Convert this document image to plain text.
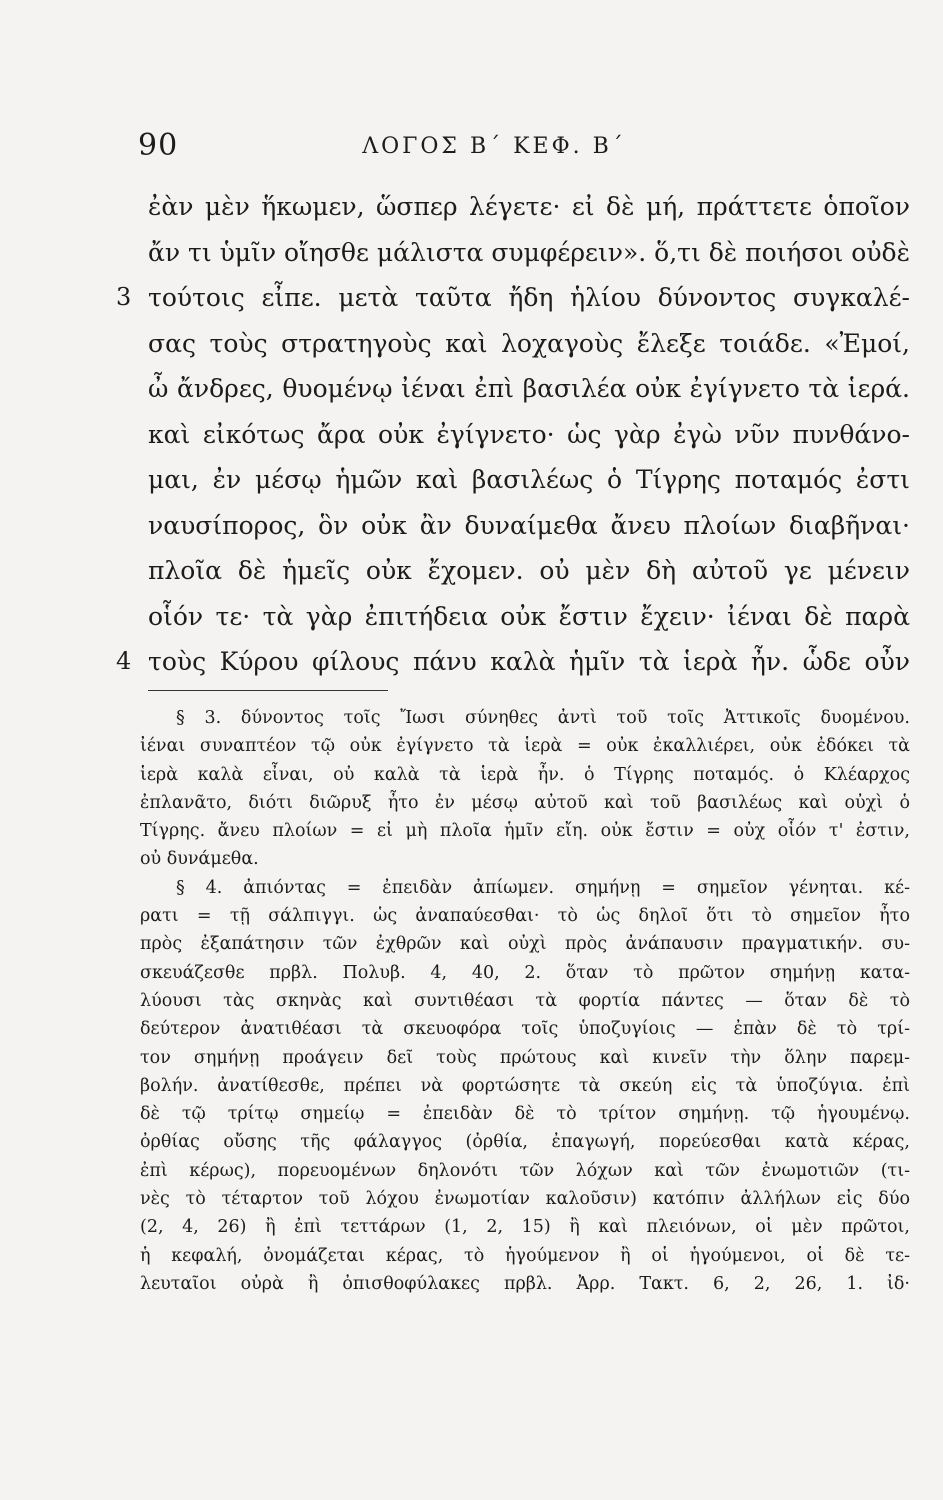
90	ΛΟΓΟΣ Β΄ ΚΕΦ. Β΄
ἐὰν μὲν ἥκωμεν, ὥσπερ λέγετε· εἰ δὲ μή, πράττετε ὁποῖον
ἄν τι ὑμῖν οἴησθε μάλιστα συμφέρειν». ὅ,τι δὲ ποιήσοι οὐδὲ
3 τούτοις εἶπε. μετὰ ταῦτα ἤδη ἡλίου δύνοντος συγκαλέ-
σας τοὺς στρατηγοὺς καὶ λοχαγοὺς ἔλεξε τοιάδε. «Ἐμοί,
ὦ ἄνδρες, θυομένῳ ἰέναι ἐπὶ βασιλέα οὐκ ἐγίγνετο τὰ ἱερά.
καὶ εἰκότως ἄρα οὐκ ἐγίγνετο· ὡς γὰρ ἐγὼ νῦν πυνθάνο-
μαι, ἐν μέσῳ ἡμῶν καὶ βασιλέως ὁ Τίγρης ποταμός ἐστι
ναυσίπορος, ὃν οὐκ ἂν δυναίμεθα ἄνευ πλοίων διαβῆναι·
πλοῖα δὲ ἡμεῖς οὐκ ἔχομεν. οὐ μὲν δὴ αὐτοῦ γε μένειν
οἷόν τε· τὰ γὰρ ἐπιτήδεια οὐκ ἔστιν ἔχειν· ἰέναι δὲ παρὰ
4 τοὺς Κύρου φίλους πάνυ καλὰ ἡμῖν τὰ ἱερὰ ἦν. ὧδε οὖν
§ 3. δύνοντος τοῖς Ἴωσι σύνηθες ἀντὶ τοῦ τοῖς Ἀττικοῖς δυομένου.
ἰέναι συναπτέον τῷ οὐκ ἐγίγνετο τὰ ἱερὰ = οὐκ ἐκαλλιέρει, οὐκ ἐδόκει τὰ
ἱερὰ καλὰ εἶναι, οὐ καλὰ τὰ ἱερὰ ἦν. ὁ Τίγρης ποταμός. ὁ Κλέαρχος
ἐπλανᾶτο, διότι διῶρυξ ἦτο ἐν μέσῳ αὐτοῦ καὶ τοῦ βασιλέως καὶ οὐχὶ ὁ
Τίγρης. ἄνευ πλοίων = εἰ μὴ πλοῖα ἡμῖν εἴη. οὐκ ἔστιν = οὐχ οἷόν τ' ἐστιν,
οὐ δυνάμεθα.
§ 4. ἀπιόντας = ἐπειδὰν ἀπίωμεν. σημήνῃ = σημεῖον γένηται. κέ-
ρατι = τῇ σάλπιγγι. ὡς ἀναπαύεσθαι· τὸ ὡς δηλοῖ ὅτι τὸ σημεῖον ἦτο
πρὸς ἐξαπάτησιν τῶν ἐχθρῶν καὶ οὐχὶ πρὸς ἀνάπαυσιν πραγματικήν. συ-
σκευάζεσθε πρβλ. Πολυβ. 4, 40, 2. ὅταν τὸ πρῶτον σημήνῃ κατα-
λύουσι τὰς σκηνὰς καὶ συντιθέασι τὰ φορτία πάντες — ὅταν δὲ τὸ
δεύτερον ἀνατιθέασι τὰ σκευοφόρα τοῖς ὑποζυγίοις — ἐπὰν δὲ τὸ τρί-
τον σημήνῃ προάγειν δεῖ τοὺς πρώτους καὶ κινεῖν τὴν ὅλην παρεμ-
βολήν. ἀνατίθεσθε, πρέπει νὰ φορτώσητε τὰ σκεύη εἰς τὰ ὑποζύγια. ἐπὶ
δὲ τῷ τρίτῳ σημείῳ = ἐπειδὰν δὲ τὸ τρίτον σημήνῃ. τῷ ἡγουμένῳ.
ὀρθίας οὔσης τῆς φάλαγγος (ὀρθία, ἐπαγωγή, πορεύεσθαι κατὰ κέρας,
ἐπὶ κέρως), πορευομένων δηλονότι τῶν λόχων καὶ τῶν ἐνωμοτιῶν (τι-
νὲς τὸ τέταρτον τοῦ λόχου ἐνωμοτίαν καλοῦσιν) κατόπιν ἀλλήλων εἰς δύο
(2, 4, 26) ἢ ἐπὶ τεττάρων (1, 2, 15) ἢ καὶ πλειόνων, οἱ μὲν πρῶτοι,
ἡ κεφαλή, ὀνομάζεται κέρας, τὸ ἡγούμενον ἢ οἱ ἡγούμενοι, οἱ δὲ τε-
λευταῖοι οὐρὰ ἢ ὀπισθοφύλακες πρβλ. Ἀρρ. Τακτ. 6, 2, 26, 1. ἰδ·
